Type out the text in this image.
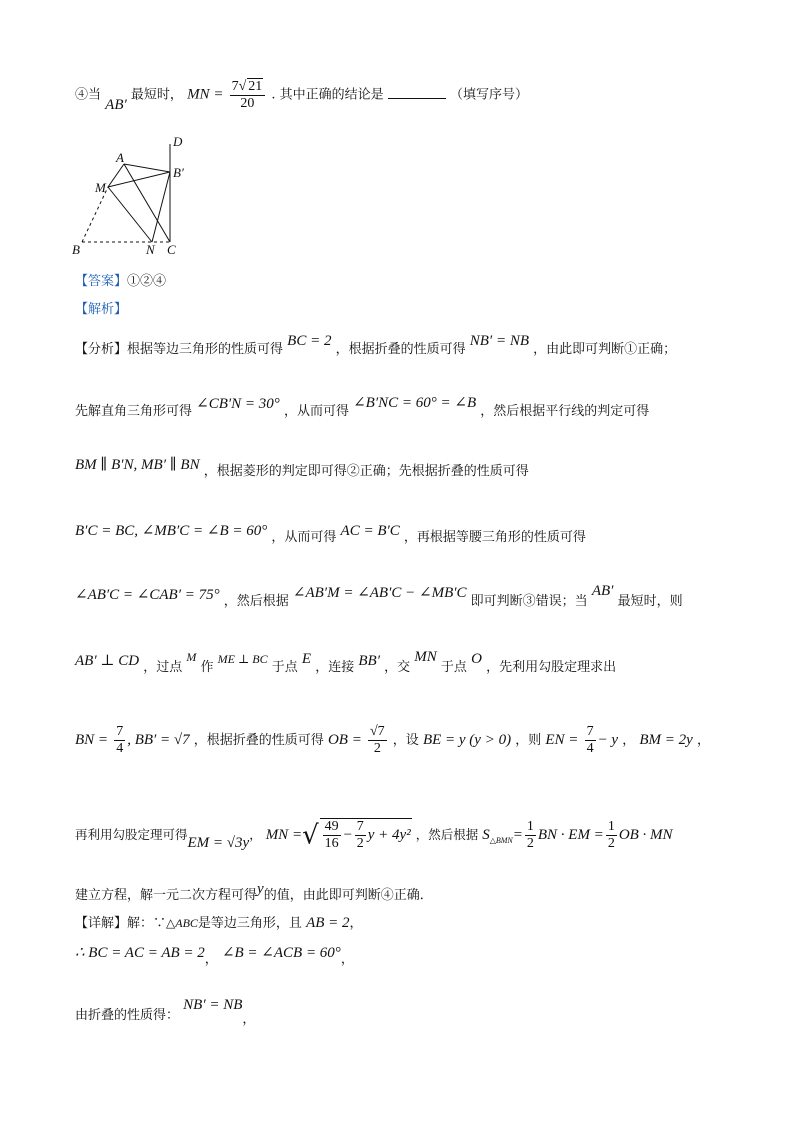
④当 AB′ 最短时， MN = $\frac{7√ 21}{20}$ . 其中正确的结论是	（填写序号）
D
A
B′
M
B	N C
【答案】①②④
【解析】
【分析】根据等边三角形的性质可得 BC = 2 ，根据折叠的性质可得 NB′ = NB ，由此即可判断①正确；
先解直角三角形可得 ∠CB′N = 30° ，从而可得 ∠B′NC = 60° = ∠B ，然后根据平行线的判定可得
BM ∥ B′N, MB′ ∥ BN ，根据菱形的判定即可得②正确；先根据折叠的性质可得
B′C = BC, ∠MB′C = ∠B = 60° ，从而可得 AC = B′C ，再根据等腰三角形的性质可得
∠AB′C = ∠CAB′ = 75° ，然后根据 ∠AB′M = ∠AB′C − ∠MB′C 即可判断③错误；当 AB′ 最短时，则
AB′ ⊥ CD ，过点 M 作 ME ⊥ BC 于点 E ，连接 BB′ ，交 MN 于点 O ，先利用勾股定理求出
BN = $\frac{7}{4}$ , BB′ = √7 ，根据折叠的性质可得 OB = $\frac{√7}{2}$ ，设 BE = y (y > 0) ，则 EN = $\frac{7}{4} - y$ ， BM = 2y ，
再利用勾股定理可得EM = √3y， MN =√ $\frac{49}{16} - \frac{7}{2}$ y + 4y² ，然后根据 $S_{\triangle BMN}= \frac{1}{2}$ BN · EM = $\frac{1}{2}$ OB · MN
建立方程，解一元二次方程可得y的值，由此即可判断④正确．
【详解】解：∵△ABC是等边三角形，且 AB = 2，
∴ BC = AC = AB = 2， ∠B = ∠ACB = 60°，
由折叠的性质得： NB′ = NB，
